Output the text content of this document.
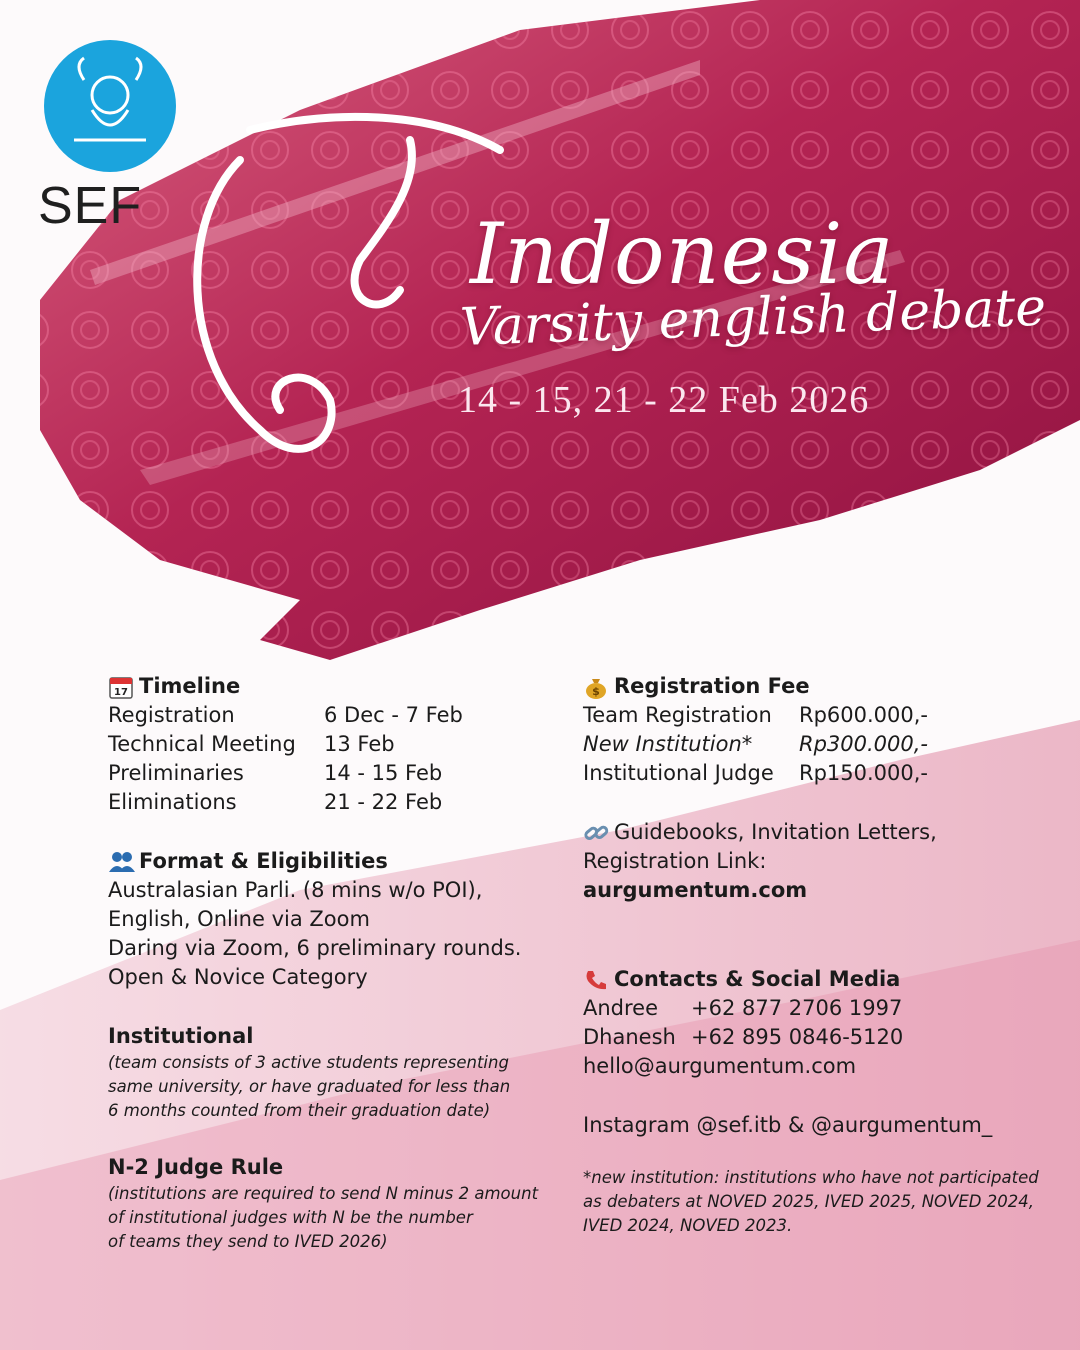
SEF	Indonesia
Varsity english debate
14 - 15, 21 - 22 Feb 2026
17 Timeline
Registration	6 Dec - 7 Feb
Technical Meeting	13 Feb
Preliminaries	14 - 15 Feb
Eliminations	21 - 22 Feb
Format & Eligibilities
Australasian Parli. (8 mins w/o POI),
English, Online via Zoom
Daring via Zoom, 6 preliminary rounds.
Open & Novice Category
Institutional
(team consists of 3 active students representing
same university, or have graduated for less than
6 months counted from their graduation date)
N-2 Judge Rule
(institutions are required to send N minus 2 amount
of institutional judges with N be the number
of teams they send to IVED 2026)
$ Registration Fee
Team Registration	Rp600.000,-
New Institution*	Rp300.000,-
Institutional Judge	Rp150.000,-
Guidebooks, Invitation Letters,
Registration Link:
aurgumentum.com
Contacts & Social Media
Andree	+62 877 2706 1997
Dhanesh +62 895 0846-5120
hello@aurgumentum.com
Instagram @sef.itb & @aurgumentum_
*new institution: institutions who have not participated
as debaters at NOVED 2025, IVED 2025, NOVED 2024,
IVED 2024, NOVED 2023.
